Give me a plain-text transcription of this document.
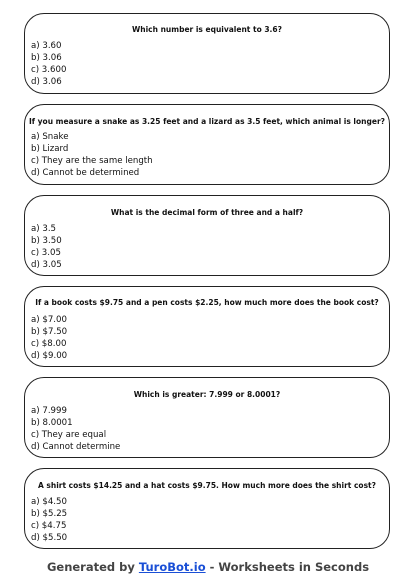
Which number is equivalent to 3.6?
a) 3.60
b) 3.06
c) 3.600
d) 3.06
If you measure a snake as 3.25 feet and a lizard as 3.5 feet, which animal is longer?
a) Snake
b) Lizard
c) They are the same length
d) Cannot be determined
What is the decimal form of three and a half?
a) 3.5
b) 3.50
c) 3.05
d) 3.05
If a book costs $9.75 and a pen costs $2.25, how much more does the book cost?
a) $7.00
b) $7.50
c) $8.00
d) $9.00
Which is greater: 7.999 or 8.0001?
a) 7.999
b) 8.0001
c) They are equal
d) Cannot determine
A shirt costs $14.25 and a hat costs $9.75. How much more does the shirt cost?
a) $4.50
b) $5.25
c) $4.75
d) $5.50
Generated by TuroBot.io - Worksheets in Seconds
